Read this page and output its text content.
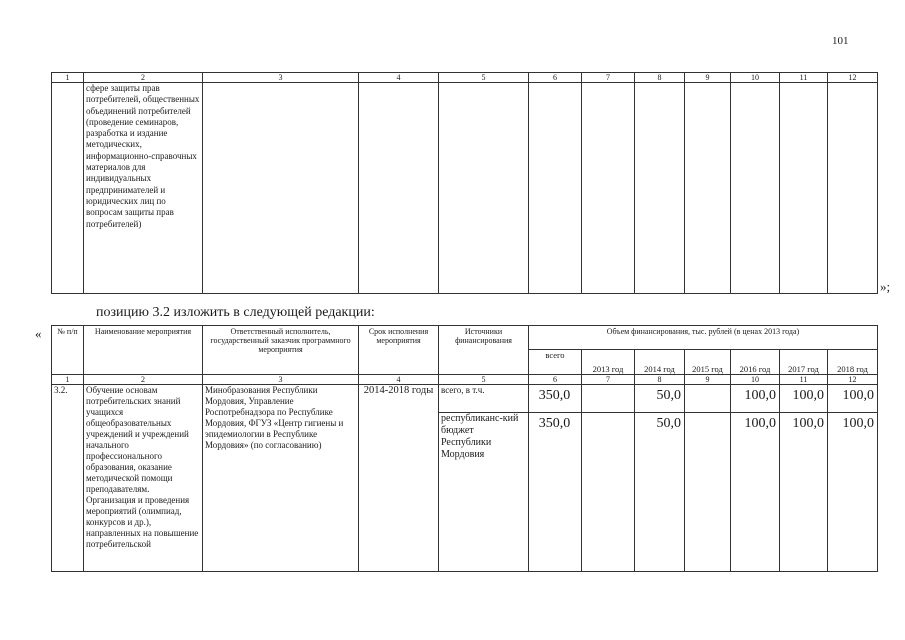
101
1	2	3	4	5	6	7	8	9	10	11	12
	сфере защиты прав потребителей, общественных объединений потребителей (проведение семинаров, разработка и издание методических, информационно-справочных материалов для индивидуальных предпринимателей и юридических лиц по вопросам защиты прав потребителей)										
»;
позицию 3.2 изложить в следующей редакции:
« № п/п	Наименование мероприятия	Ответственный исполнитель, государственный заказчик программного мероприятия	Срок исполнения мероприятия	Источники финансирования	Объем финансирования, тыс. рублей (в ценах 2013 года)						
					всего	2013 год	2014 год	2015 год	2016 год	2017 год	2018 год
1	2	3	4	5	6	7	8	9	10	11	12
3.2.	Обучение основам потребительских знаний учащихся общеобразовательных учреждений и учреждений начального профессионального образования, оказание методической помощи преподавателям. Организация и проведения мероприятий (олимпиад, конкурсов и др.), направленных на повышение потребительской	Минобразования Республики Мордовия, Управление Роспотребнадзора по Республике Мордовия, ФГУЗ «Центр гигиены и эпидемиологии в Республике Мордовия» (по согласованию)	2014-2018 годы	всего, в т.ч.	350,0		50,0		100,0	100,0	100,0
				республиканс-кий бюджет Республики Мордовия	350,0		50,0		100,0	100,0	100,0
